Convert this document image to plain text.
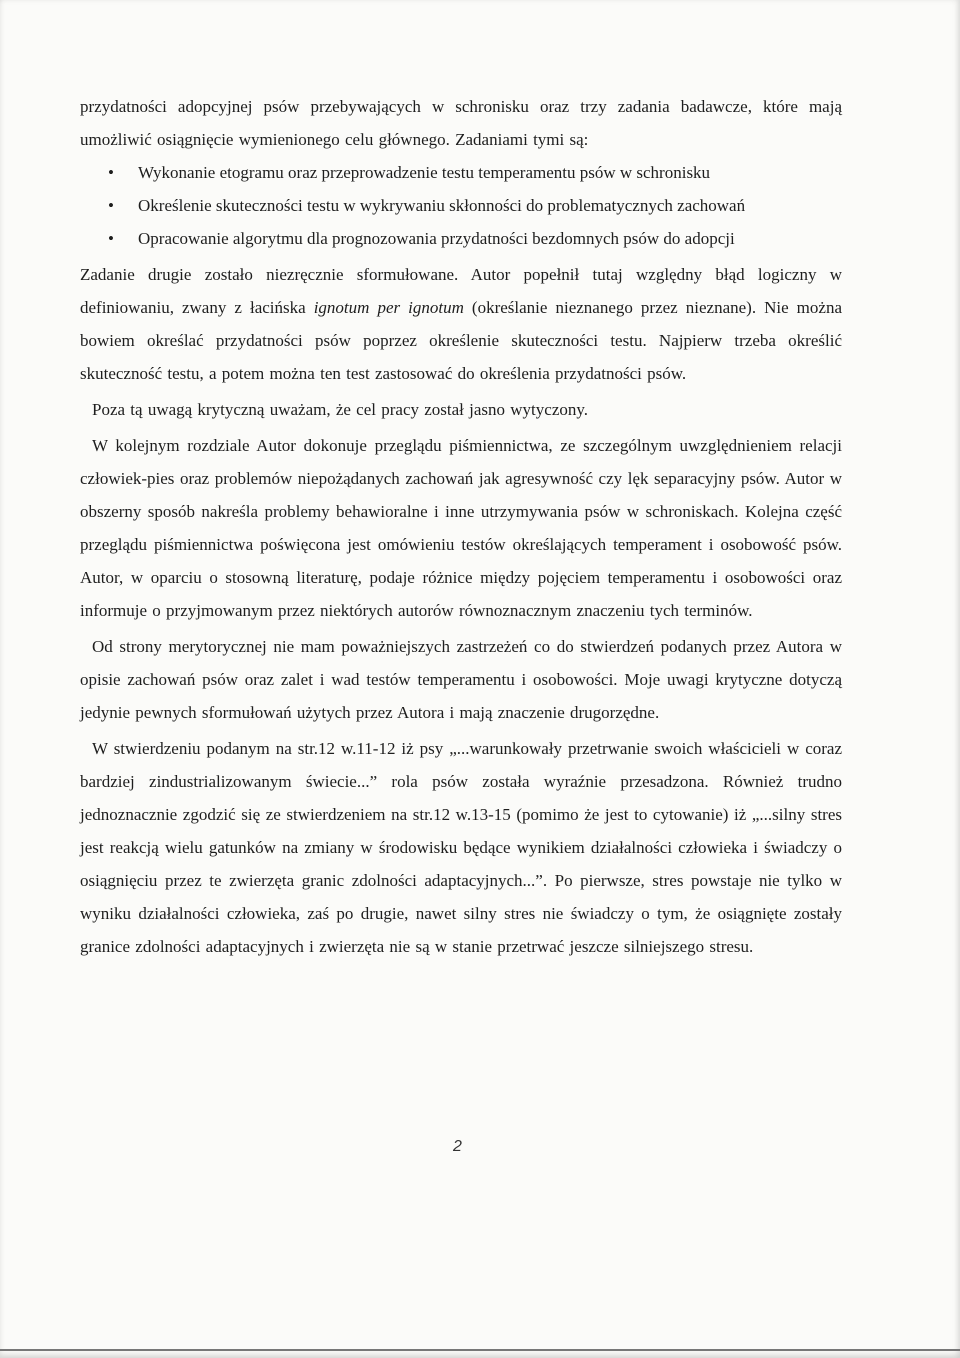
przydatności adopcyjnej psów przebywających w schronisku oraz trzy zadania badawcze, które mają umożliwić osiągnięcie wymienionego celu głównego. Zadaniami tymi są:

• Wykonanie etogramu oraz przeprowadzenie testu temperamentu psów w schronisku
• Określenie skuteczności testu w wykrywaniu skłonności do problematycznych zachowań
• Opracowanie algorytmu dla prognozowania przydatności bezdomnych psów do adopcji

Zadanie drugie zostało niezręcznie sformułowane. Autor popełnił tutaj względny błąd logiczny w definiowaniu, zwany z łacińska ignotum per ignotum (określanie nieznanego przez nieznane). Nie można bowiem określać przydatności psów poprzez określenie skuteczności testu. Najpierw trzeba określić skuteczność testu, a potem można ten test zastosować do określenia przydatności psów.

Poza tą uwagą krytyczną uważam, że cel pracy został jasno wytyczony.

W kolejnym rozdziale Autor dokonuje przeglądu piśmiennictwa, ze szczególnym uwzględnieniem relacji człowiek-pies oraz problemów niepożądanych zachowań jak agresywność czy lęk separacyjny psów. Autor w obszerny sposób nakreśla problemy behawioralne i inne utrzymywania psów w schroniskach. Kolejna część przeglądu piśmiennictwa poświęcona jest omówieniu testów określających temperament i osobowość psów. Autor, w oparciu o stosowną literaturę, podaje różnice między pojęciem temperamentu i osobowości oraz informuje o przyjmowanym przez niektórych autorów równoznacznym znaczeniu tych terminów.

Od strony merytorycznej nie mam poważniejszych zastrzeżeń co do stwierdzeń podanych przez Autora w opisie zachowań psów oraz zalet i wad testów temperamentu i osobowości. Moje uwagi krytyczne dotyczą jedynie pewnych sformułowań użytych przez Autora i mają znaczenie drugorzędne.

W stwierdzeniu podanym na str.12 w.11-12 iż psy „...warunkowały przetrwanie swoich właścicieli w coraz bardziej zindustrializowanym świecie...” rola psów została wyraźnie przesadzona. Również trudno jednoznacznie zgodzić się ze stwierdzeniem na str.12 w.13-15 (pomimo że jest to cytowanie) iż „...silny stres jest reakcją wielu gatunków na zmiany w środowisku będące wynikiem działalności człowieka i świadczy o osiągnięciu przez te zwierzęta granic zdolności adaptacyjnych...”. Po pierwsze, stres powstaje nie tylko w wyniku działalności człowieka, zaś po drugie, nawet silny stres nie świadczy o tym, że osiągnięte zostały granice zdolności adaptacyjnych i zwierzęta nie są w stanie przetrwać jeszcze silniejszego stresu.

2
